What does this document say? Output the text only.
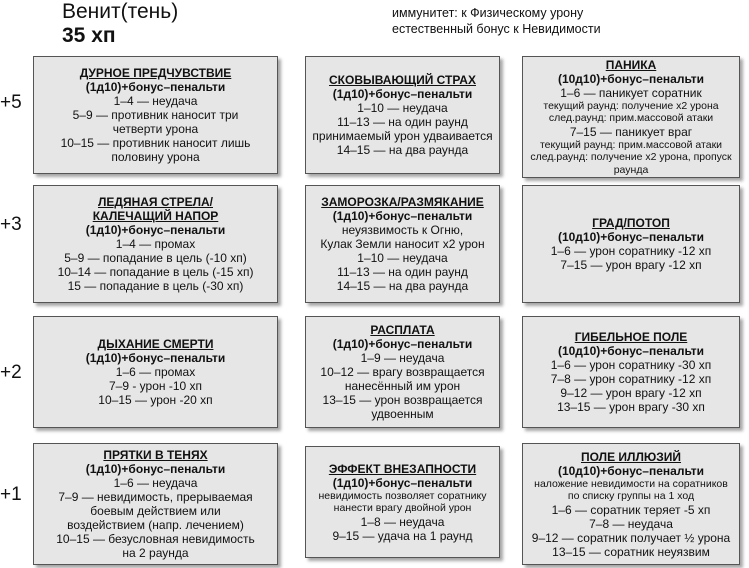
Венит(тень)
35 хп
иммунитет: к Физическому урону
естественный бонус к Невидимости
+5
+3
+2
+1
ДУРНОЕ ПРЕДЧУВСТВИЕ
(1д10)+бонус–пенальти
1–4 — неудача
5–9 — противник наносит три
четверти урона
10–15 — противник наносит лишь
половину урона
СКОВЫВАЮЩИЙ СТРАХ
(1д10)+бонус–пенальти
1–10 — неудача
11–13 — на один раунд
принимаемый урон удваивается
14–15 — на два раунда
ПАНИКА
(10д10)+бонус–пенальти
1–6 — паникует соратник
текущий раунд: получение х2 урона
след.раунд: прим.массовой атаки
7–15 — паникует враг
текущий раунд: прим.массовой атаки
след.раунд: получение х2 урона, пропуск
раунда
ЛЕДЯНАЯ СТРЕЛА/
КАЛЕЧАЩИЙ НАПОР
(1д10)+бонус–пенальти
1–4 — промах
5–9 — попадание в цель (-10 хп)
10–14 — попадание в цель (-15 хп)
15 — попадание в цель (-30 хп)
ЗАМОРОЗКА/РАЗМЯКАНИЕ
(1д10)+бонус–пенальти
неуязвимость к Огню,
Кулак Земли наносит х2 урон
1–10 — неудача
11–13 — на один раунд
14–15 — на два раунда
ГРАД/ПОТОП
(10д10)+бонус–пенальти
1–6 — урон соратнику -12 хп
7–15 — урон врагу -12 хп
ДЫХАНИЕ СМЕРТИ
(1д10)+бонус–пенальти
1–6 — промах
7–9 - урон -10 хп
10–15 — урон -20 хп
РАСПЛАТА
(1д10)+бонус–пенальти
1–9 — неудача
10–12 — врагу возвращается
нанесённый им урон
13–15 — урон возвращается
удвоенным
ГИБЕЛЬНОЕ ПОЛЕ
(10д10)+бонус–пенальти
1–6 — урон соратнику -30 хп
7–8 — урон соратнику -12 хп
9–12 — урон врагу -12 хп
13–15 — урон врагу -30 хп
ПРЯТКИ В ТЕНЯХ
(1д10)+бонус–пенальти
1–6 — неудача
7–9 — невидимость, прерываемая
боевым действием или
воздействием (напр. лечением)
10–15 — безусловная невидимость
на 2 раунда
ЭФФЕКТ ВНЕЗАПНОСТИ
(1д10)+бонус–пенальти
невидимость позволяет соратнику
нанести врагу двойной урон
1–8 — неудача
9–15 — удача на 1 раунд
ПОЛЕ ИЛЛЮЗИЙ
(10д10)+бонус–пенальти
наложение невидимости на соратников
по списку группы на 1 ход
1–6 — соратник теряет -5 хп
7–8 — неудача
9–12 — соратник получает ½ урона
13–15 — соратник неуязвим
